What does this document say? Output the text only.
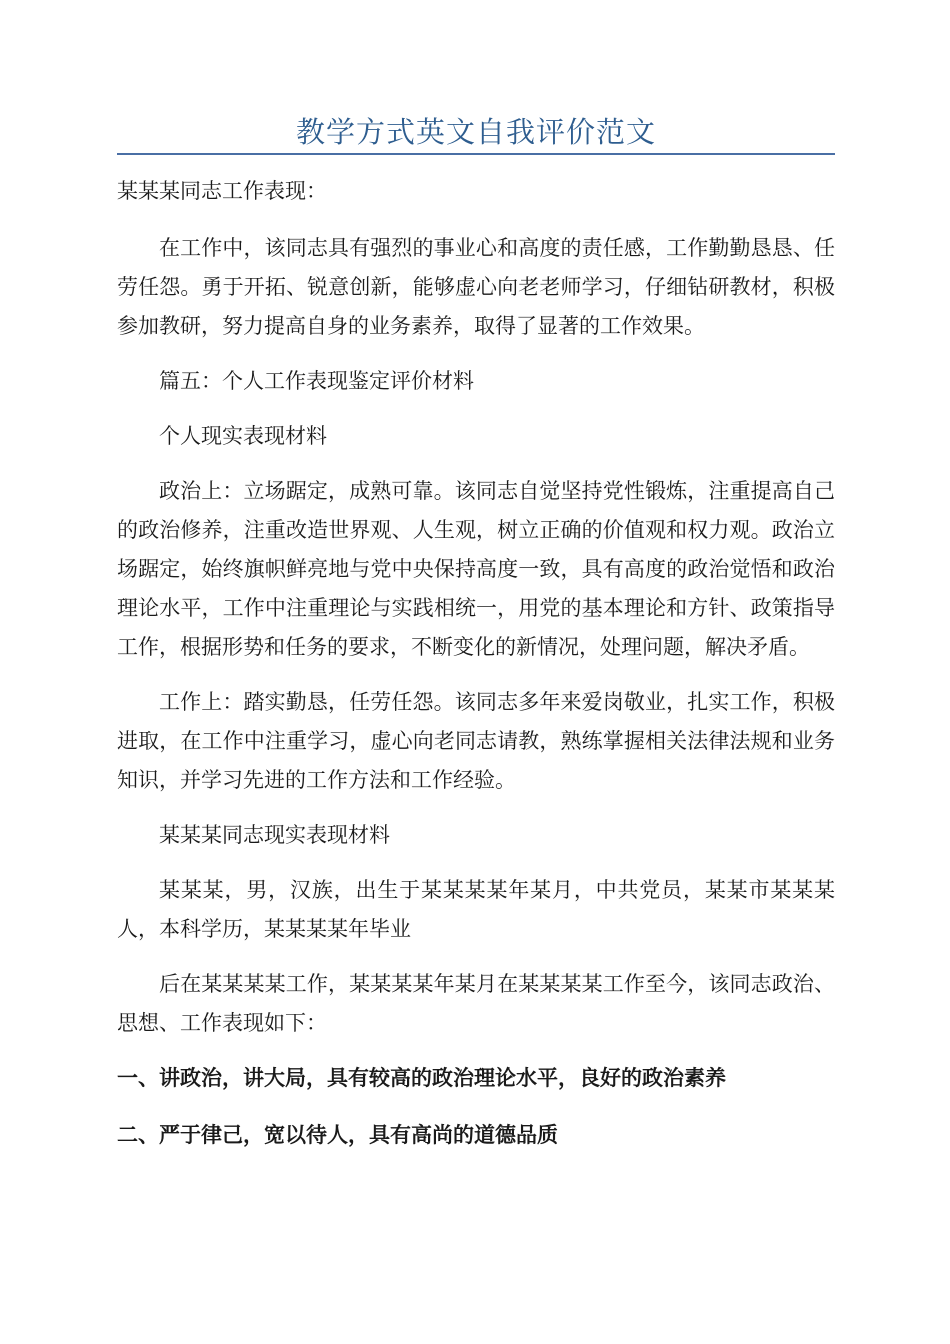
教学方式英文自我评价范文

某某某同志工作表现：

在工作中，该同志具有强烈的事业心和高度的责任感，工作勤勤恳恳、任劳任怨。勇于开拓、锐意创新，能够虚心向老老师学习，仔细钻研教材，积极参加教研，努力提高自身的业务素养，取得了显著的工作效果。

篇五：个人工作表现鉴定评价材料

个人现实表现材料

政治上：立场踞定，成熟可靠。该同志自觉坚持党性锻炼，注重提高自己的政治修养，注重改造世界观、人生观，树立正确的价值观和权力观。政治立场踞定，始终旗帜鲜亮地与党中央保持高度一致，具有高度的政治觉悟和政治理论水平，工作中注重理论与实践相统一，用党的基本理论和方针、政策指导工作，根据形势和任务的要求，不断变化的新情况，处理问题，解决矛盾。

工作上：踏实勤恳，任劳任怨。该同志多年来爱岗敬业，扎实工作，积极进取，在工作中注重学习，虚心向老同志请教，熟练掌握相关法律法规和业务知识，并学习先进的工作方法和工作经验。

某某某同志现实表现材料

某某某，男，汉族，出生于某某某某年某月，中共党员，某某市某某某人，本科学历，某某某某年毕业

后在某某某某工作，某某某某年某月在某某某某工作至今，该同志政治、思想、工作表现如下：

一、讲政治，讲大局，具有较高的政治理论水平，良好的政治素养

二、严于律己，宽以待人，具有高尚的道德品质
